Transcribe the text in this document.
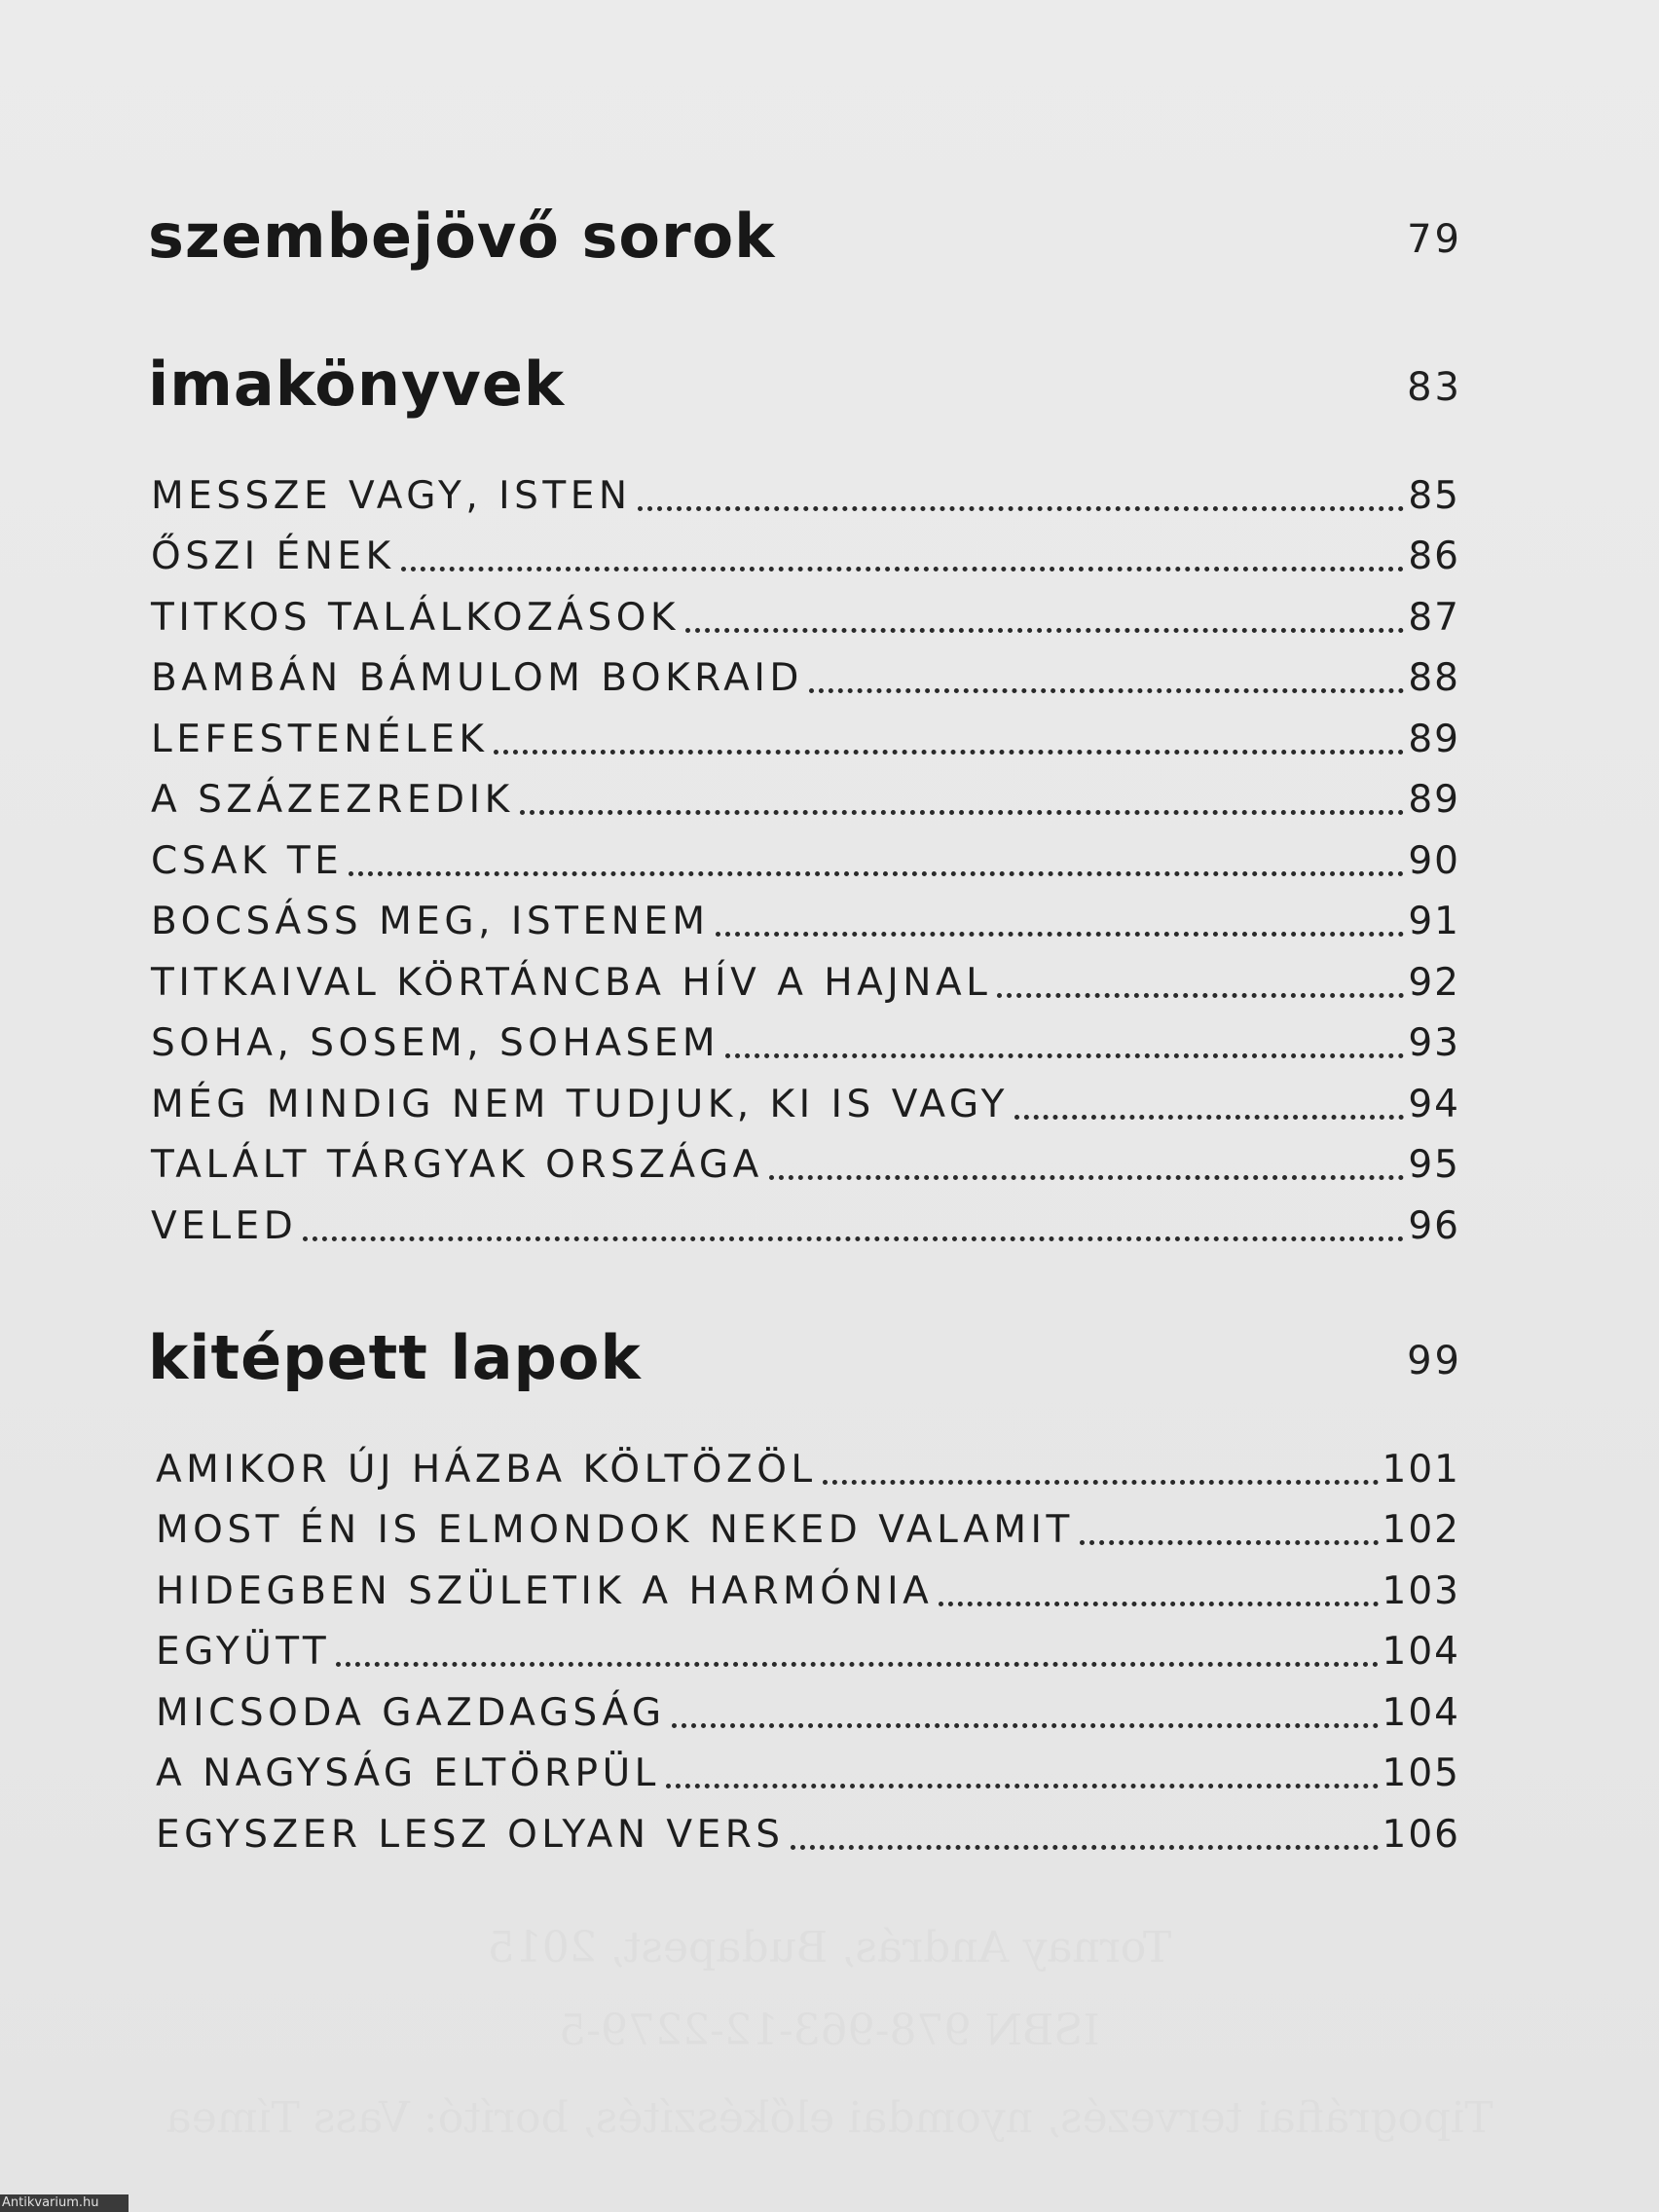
szembejövő sorok	79
imakönyvek	83
MESSZE VAGY, ISTEN	85
ŐSZI ÉNEK	86
TITKOS TALÁLKOZÁSOK	87
BAMBÁN BÁMULOM BOKRAID	88
LEFESTENÉLEK	89
A SZÁZEZREDIK	89
CSAK TE	90
BOCSÁSS MEG, ISTENEM	91
TITKAIVAL KÖRTÁNCBA HÍV A HAJNAL	92
SOHA, SOSEM, SOHASEM	93
MÉG MINDIG NEM TUDJUK, KI IS VAGY	94
TALÁLT TÁRGYAK ORSZÁGA	95
VELED	96
kitépett lapok	99
AMIKOR ÚJ HÁZBA KÖLTÖZÖL	101
MOST ÉN IS ELMONDOK NEKED VALAMIT	102
HIDEGBEN SZÜLETIK A HARMÓNIA	103
EGYÜTT	104
MICSODA GAZDAGSÁG	104
A NAGYSÁG ELTÖRPÜL	105
EGYSZER LESZ OLYAN VERS	106
Tornay András, Budapest, 2015
ISBN 978-963-12-2279-5
Tipográfiai tervezés, nyomdai előkészítés, borító: Vass Tímea
Antikvarium.hu
